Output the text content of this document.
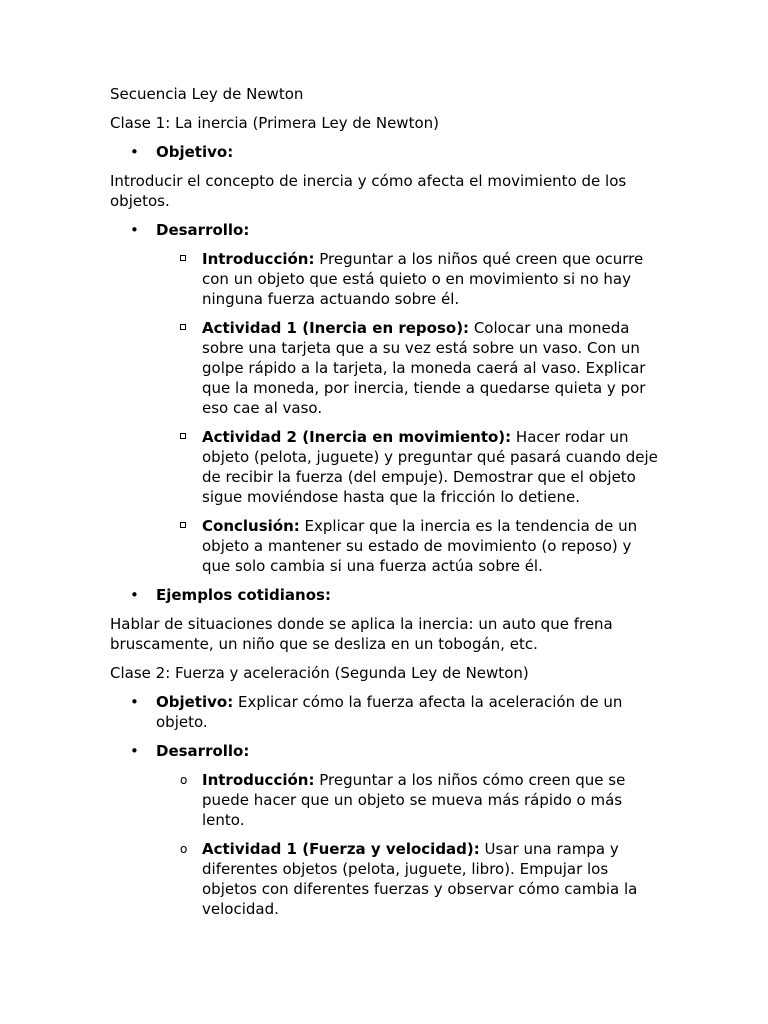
Secuencia Ley de Newton

Clase 1: La inercia (Primera Ley de Newton)

• Objetivo:

Introducir el concepto de inercia y cómo afecta el movimiento de los objetos.

• Desarrollo:
Introducción: Preguntar a los niños qué creen que ocurre con un objeto que está quieto o en movimiento si no hay ninguna fuerza actuando sobre él.
Actividad 1 (Inercia en reposo): Colocar una moneda sobre una tarjeta que a su vez está sobre un vaso. Con un golpe rápido a la tarjeta, la moneda caerá al vaso. Explicar que la moneda, por inercia, tiende a quedarse quieta y por eso cae al vaso.
Actividad 2 (Inercia en movimiento): Hacer rodar un objeto (pelota, juguete) y preguntar qué pasará cuando deje de recibir la fuerza (del empuje). Demostrar que el objeto sigue moviéndose hasta que la fricción lo detiene.
Conclusión: Explicar que la inercia es la tendencia de un objeto a mantener su estado de movimiento (o reposo) y que solo cambia si una fuerza actúa sobre él.
• Ejemplos cotidianos:

Hablar de situaciones donde se aplica la inercia: un auto que frena bruscamente, un niño que se desliza en un tobogán, etc.

Clase 2: Fuerza y aceleración (Segunda Ley de Newton)

• Objetivo: Explicar cómo la fuerza afecta la aceleración de un objeto.
• Desarrollo:
o Introducción: Preguntar a los niños cómo creen que se puede hacer que un objeto se mueva más rápido o más lento.
o Actividad 1 (Fuerza y velocidad): Usar una rampa y diferentes objetos (pelota, juguete, libro). Empujar los objetos con diferentes fuerzas y observar cómo cambia la velocidad.
